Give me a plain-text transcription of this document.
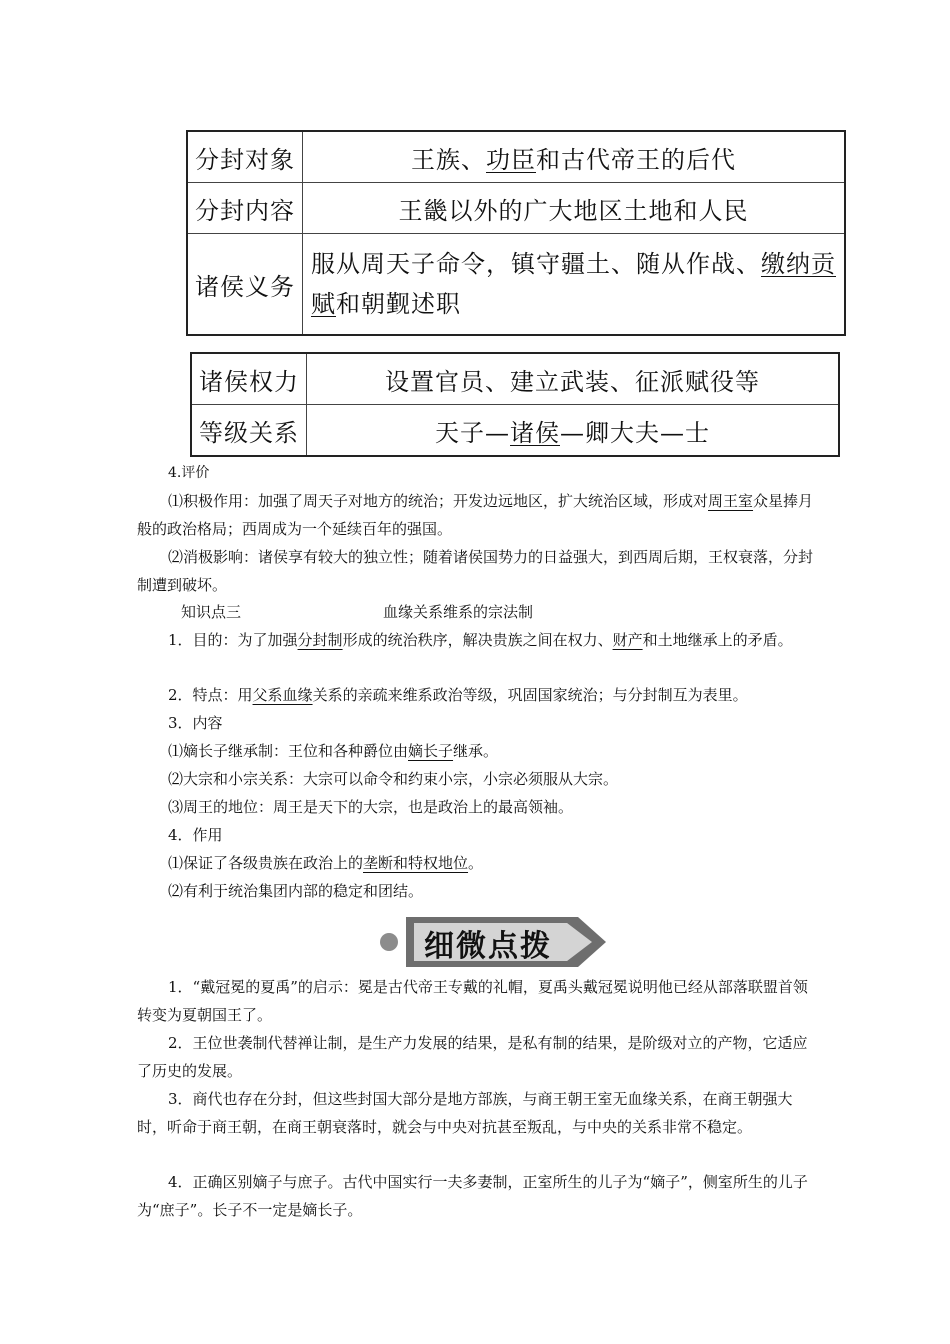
分封对象	王族、功臣和古代帝王的后代
分封内容	王畿以外的广大地区土地和人民
诸侯义务	服从周天子命令，镇守疆土、随从作战、缴纳贡赋和朝觐述职
诸侯权力	设置官员、建立武装、征派赋役等
等级关系	天子—诸侯—卿大夫—士

4.评价

⑴积极作用：加强了周天子对地方的统治；开发边远地区，扩大统治区域，形成对周王室众星捧月般的政治格局；西周成为一个延续百年的强国。

⑵消极影响：诸侯享有较大的独立性；随着诸侯国势力的日益强大，到西周后期，王权衰落，分封制遭到破坏。

知识点三	血缘关系维系的宗法制

1．目的：为了加强分封制形成的统治秩序，解决贵族之间在权力、财产和土地继承上的矛盾。

2．特点：用父系血缘关系的亲疏来维系政治等级，巩固国家统治；与分封制互为表里。

3．内容

⑴嫡长子继承制：王位和各种爵位由嫡长子继承。

⑵大宗和小宗关系：大宗可以命令和约束小宗，小宗必须服从大宗。

⑶周王的地位：周王是天下的大宗，也是政治上的最高领袖。

4．作用

⑴保证了各级贵族在政治上的垄断和特权地位。

⑵有利于统治集团内部的稳定和团结。

细微点拨

1．“戴冠冕的夏禹”的启示：冕是古代帝王专戴的礼帽，夏禹头戴冠冕说明他已经从部落联盟首领转变为夏朝国王了。

2．王位世袭制代替禅让制，是生产力发展的结果，是私有制的结果，是阶级对立的产物，它适应了历史的发展。

3．商代也存在分封，但这些封国大部分是地方部族，与商王朝王室无血缘关系，在商王朝强大时，听命于商王朝，在商王朝衰落时，就会与中央对抗甚至叛乱，与中央的关系非常不稳定。

4．正确区别嫡子与庶子。古代中国实行一夫多妻制，正室所生的儿子为“嫡子”，侧室所生的儿子为“庶子”。长子不一定是嫡长子。
